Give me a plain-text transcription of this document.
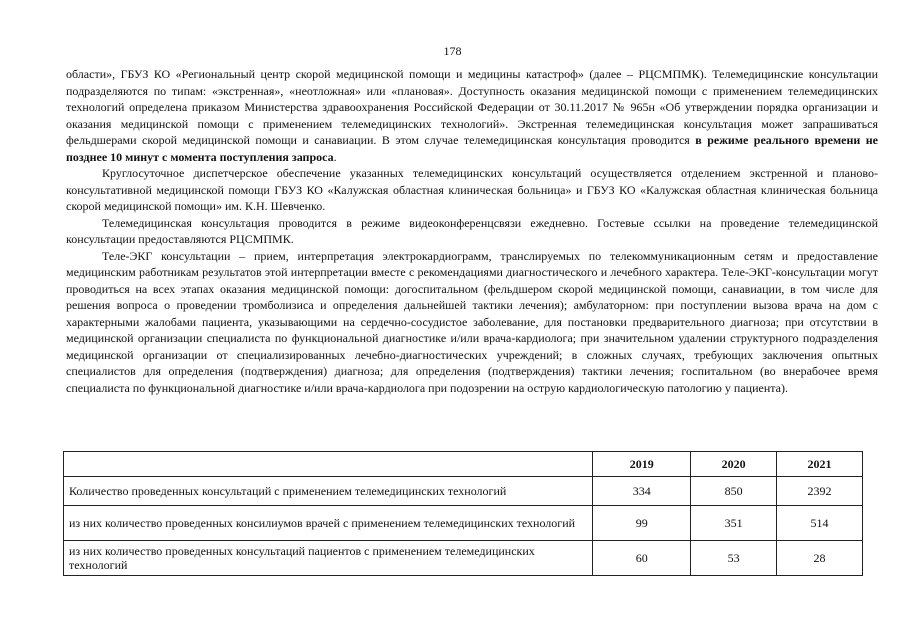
178

области», ГБУЗ КО «Региональный центр скорой медицинской помощи и медицины катастроф» (далее – РЦСМПМК). Телемедицинские консультации подразделяются по типам: «экстренная», «неотложная» или «плановая». Доступность оказания медицинской помощи с применением телемедицинских технологий определена приказом Министерства здравоохранения Российской Федерации от 30.11.2017 № 965н «Об утверждении порядка организации и оказания медицинской помощи с применением телемедицинских технологий». Экстренная телемедицинская консультация может запрашиваться фельдшерами скорой медицинской помощи и санавиации. В этом случае телемедицинская консультация проводится в режиме реального времени не позднее 10 минут с момента поступления запроса.

Круглосуточное диспетчерское обеспечение указанных телемедицинских консультаций осуществляется отделением экстренной и планово-консультативной медицинской помощи ГБУЗ КО «Калужская областная клиническая больница» и ГБУЗ КО «Калужская областная клиническая больница скорой медицинской помощи» им. К.Н. Шевченко.

Телемедицинская консультация проводится в режиме видеоконференцсвязи ежедневно. Гостевые ссылки на проведение телемедицинской консультации предоставляются РЦСМПМК.

Теле-ЭКГ консультации – прием, интерпретация электрокардиограмм, транслируемых по телекоммуникационным сетям и предоставление медицинским работникам результатов этой интерпретации вместе с рекомендациями диагностического и лечебного характера. Теле-ЭКГ-консультации могут проводиться на всех этапах оказания медицинской помощи: догоспитальном (фельдшером скорой медицинской помощи, санавиации, в том числе для решения вопроса о проведении тромболизиса и определения дальнейшей тактики лечения); амбулаторном: при поступлении вызова врача на дом с характерными жалобами пациента, указывающими на сердечно-сосудистое заболевание, для постановки предварительного диагноза; при отсутствии в медицинской организации специалиста по функциональной диагностике и/или врача-кардиолога; при значительном удалении структурного подразделения медицинской организации от специализированных лечебно-диагностических учреждений; в сложных случаях, требующих заключения опытных специалистов для определения (подтверждения) диагноза; для определения (подтверждения) тактики лечения; госпитальном (во внерабочее время специалиста по функциональной диагностике и/или врача-кардиолога при подозрении на острую кардиологическую патологию у пациента).

	2019	2020	2021
Количество проведенных консультаций с применением телемедицинских технологий	334	850	2392
из них количество проведенных консилиумов врачей с применением телемедицинских технологий	99	351	514
из них количество проведенных консультаций пациентов с применением телемедицинских технологий	60	53	28
